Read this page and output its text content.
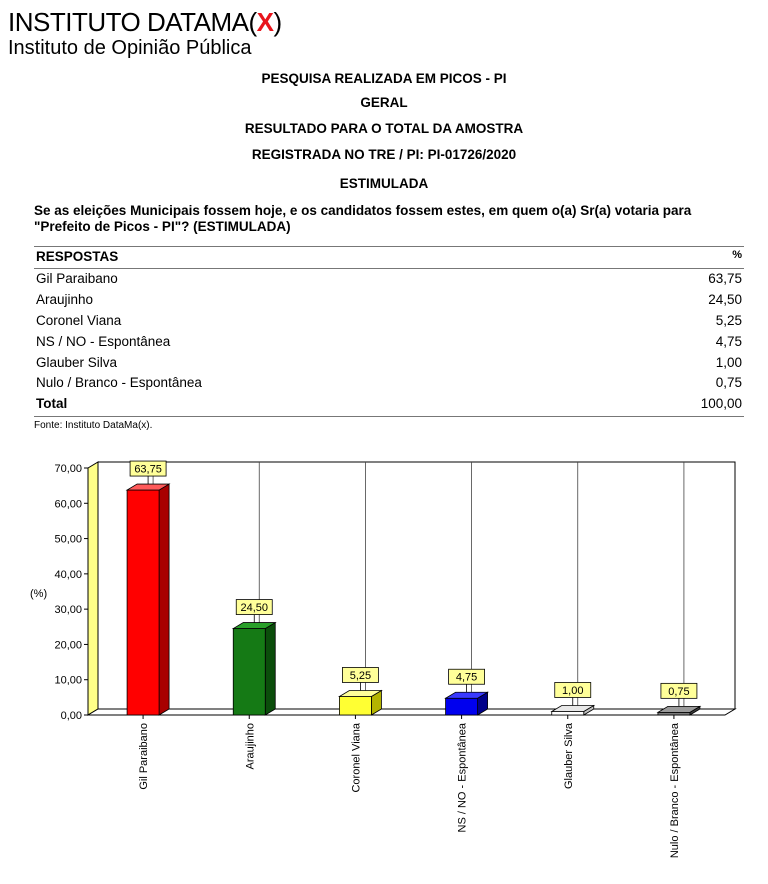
INSTITUTO DATAMA(X)
Instituto de Opinião Pública
PESQUISA REALIZADA EM PICOS - PI
GERAL
RESULTADO PARA O TOTAL DA AMOSTRA
REGISTRADA NO TRE / PI: PI-01726/2020
ESTIMULADA
Se as eleições Municipais fossem hoje, e os candidatos fossem estes, em quem o(a) Sr(a) votaria para "Prefeito de Picos - PI"? (ESTIMULADA)
RESPOSTAS	%
Gil Paraibano	63,75
Araujinho	24,50
Coronel Viana	5,25
NS / NO - Espontânea	4,75
Glauber Silva	1,00
Nulo / Branco - Espontânea	0,75
Total	100,00
Fonte: Instituto DataMa(x).
0,00
10,00
20,00
30,00
40,00
50,00
60,00
70,00
(%)
63,75
Gil Paraibano
24,50
Araujinho
5,25
Coronel Viana
4,75
NS / NO - Espontânea
1,00
Glauber Silva
0,75
Nulo / Branco - Espontânea
